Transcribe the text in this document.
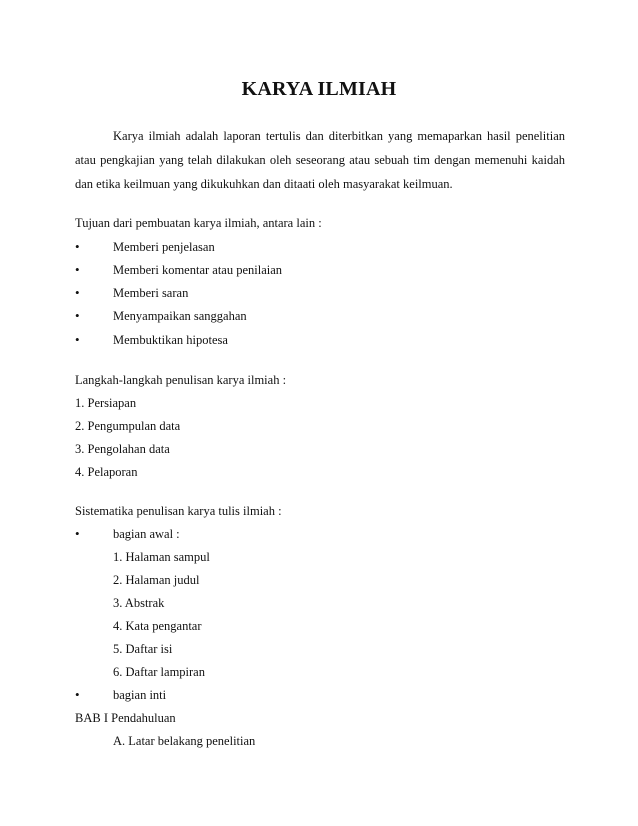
KARYA ILMIAH
Karya ilmiah adalah laporan tertulis dan diterbitkan yang memaparkan hasil penelitian
atau pengkajian yang telah dilakukan oleh seseorang atau sebuah tim dengan memenuhi kaidah
dan etika keilmuan yang dikukuhkan dan ditaati oleh masyarakat keilmuan.
Tujuan dari pembuatan karya ilmiah, antara lain :
•	Memberi penjelasan
•	Memberi komentar atau penilaian
•	Memberi saran
•	Menyampaikan sanggahan
•	Membuktikan hipotesa
Langkah-langkah penulisan karya ilmiah :
1. Persiapan
2. Pengumpulan data
3. Pengolahan data
4. Pelaporan
Sistematika penulisan karya tulis ilmiah :
•	bagian awal :
1. Halaman sampul
2. Halaman judul
3. Abstrak
4. Kata pengantar
5. Daftar isi
6. Daftar lampiran
•	bagian inti
BAB I Pendahuluan
A. Latar belakang penelitian
